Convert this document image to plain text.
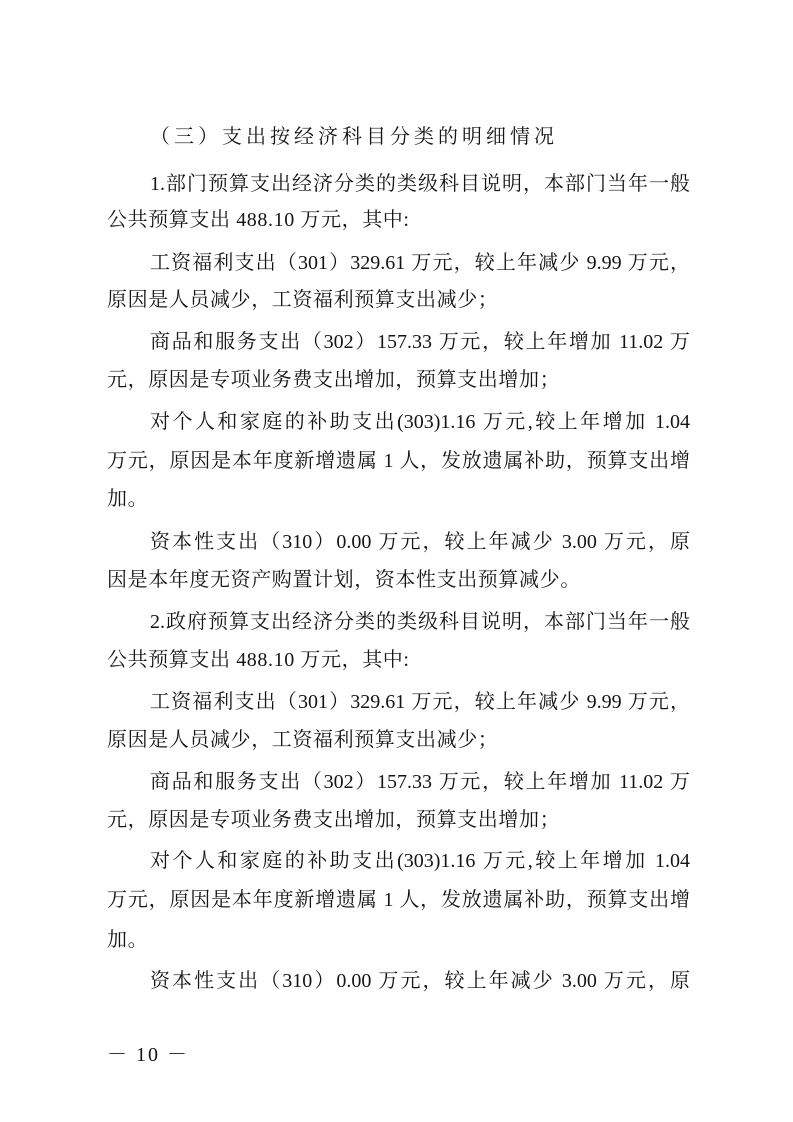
（三）支出按经济科目分类的明细情况
1.部门预算支出经济分类的类级科目说明，本部门当年一般
公共预算支出 488.10 万元，其中:
工资福利支出（301）329.61 万元，较上年减少 9.99 万元，
原因是人员减少，工资福利预算支出减少；
商品和服务支出（302）157.33 万元，较上年增加 11.02 万
元，原因是专项业务费支出增加，预算支出增加；
对个人和家庭的补助支出(303)1.16 万元,较上年增加 1.04
万元，原因是本年度新增遗属 1 人，发放遗属补助，预算支出增
加。
资本性支出（310）0.00 万元，较上年减少 3.00 万元，原
因是本年度无资产购置计划，资本性支出预算减少。
2.政府预算支出经济分类的类级科目说明，本部门当年一般
公共预算支出 488.10 万元，其中:
工资福利支出（301）329.61 万元，较上年减少 9.99 万元，
原因是人员减少，工资福利预算支出减少；
商品和服务支出（302）157.33 万元，较上年增加 11.02 万
元，原因是专项业务费支出增加，预算支出增加；
对个人和家庭的补助支出(303)1.16 万元,较上年增加 1.04
万元，原因是本年度新增遗属 1 人，发放遗属补助，预算支出增
加。
资本性支出（310）0.00 万元，较上年减少 3.00 万元，原
－ 10 －
